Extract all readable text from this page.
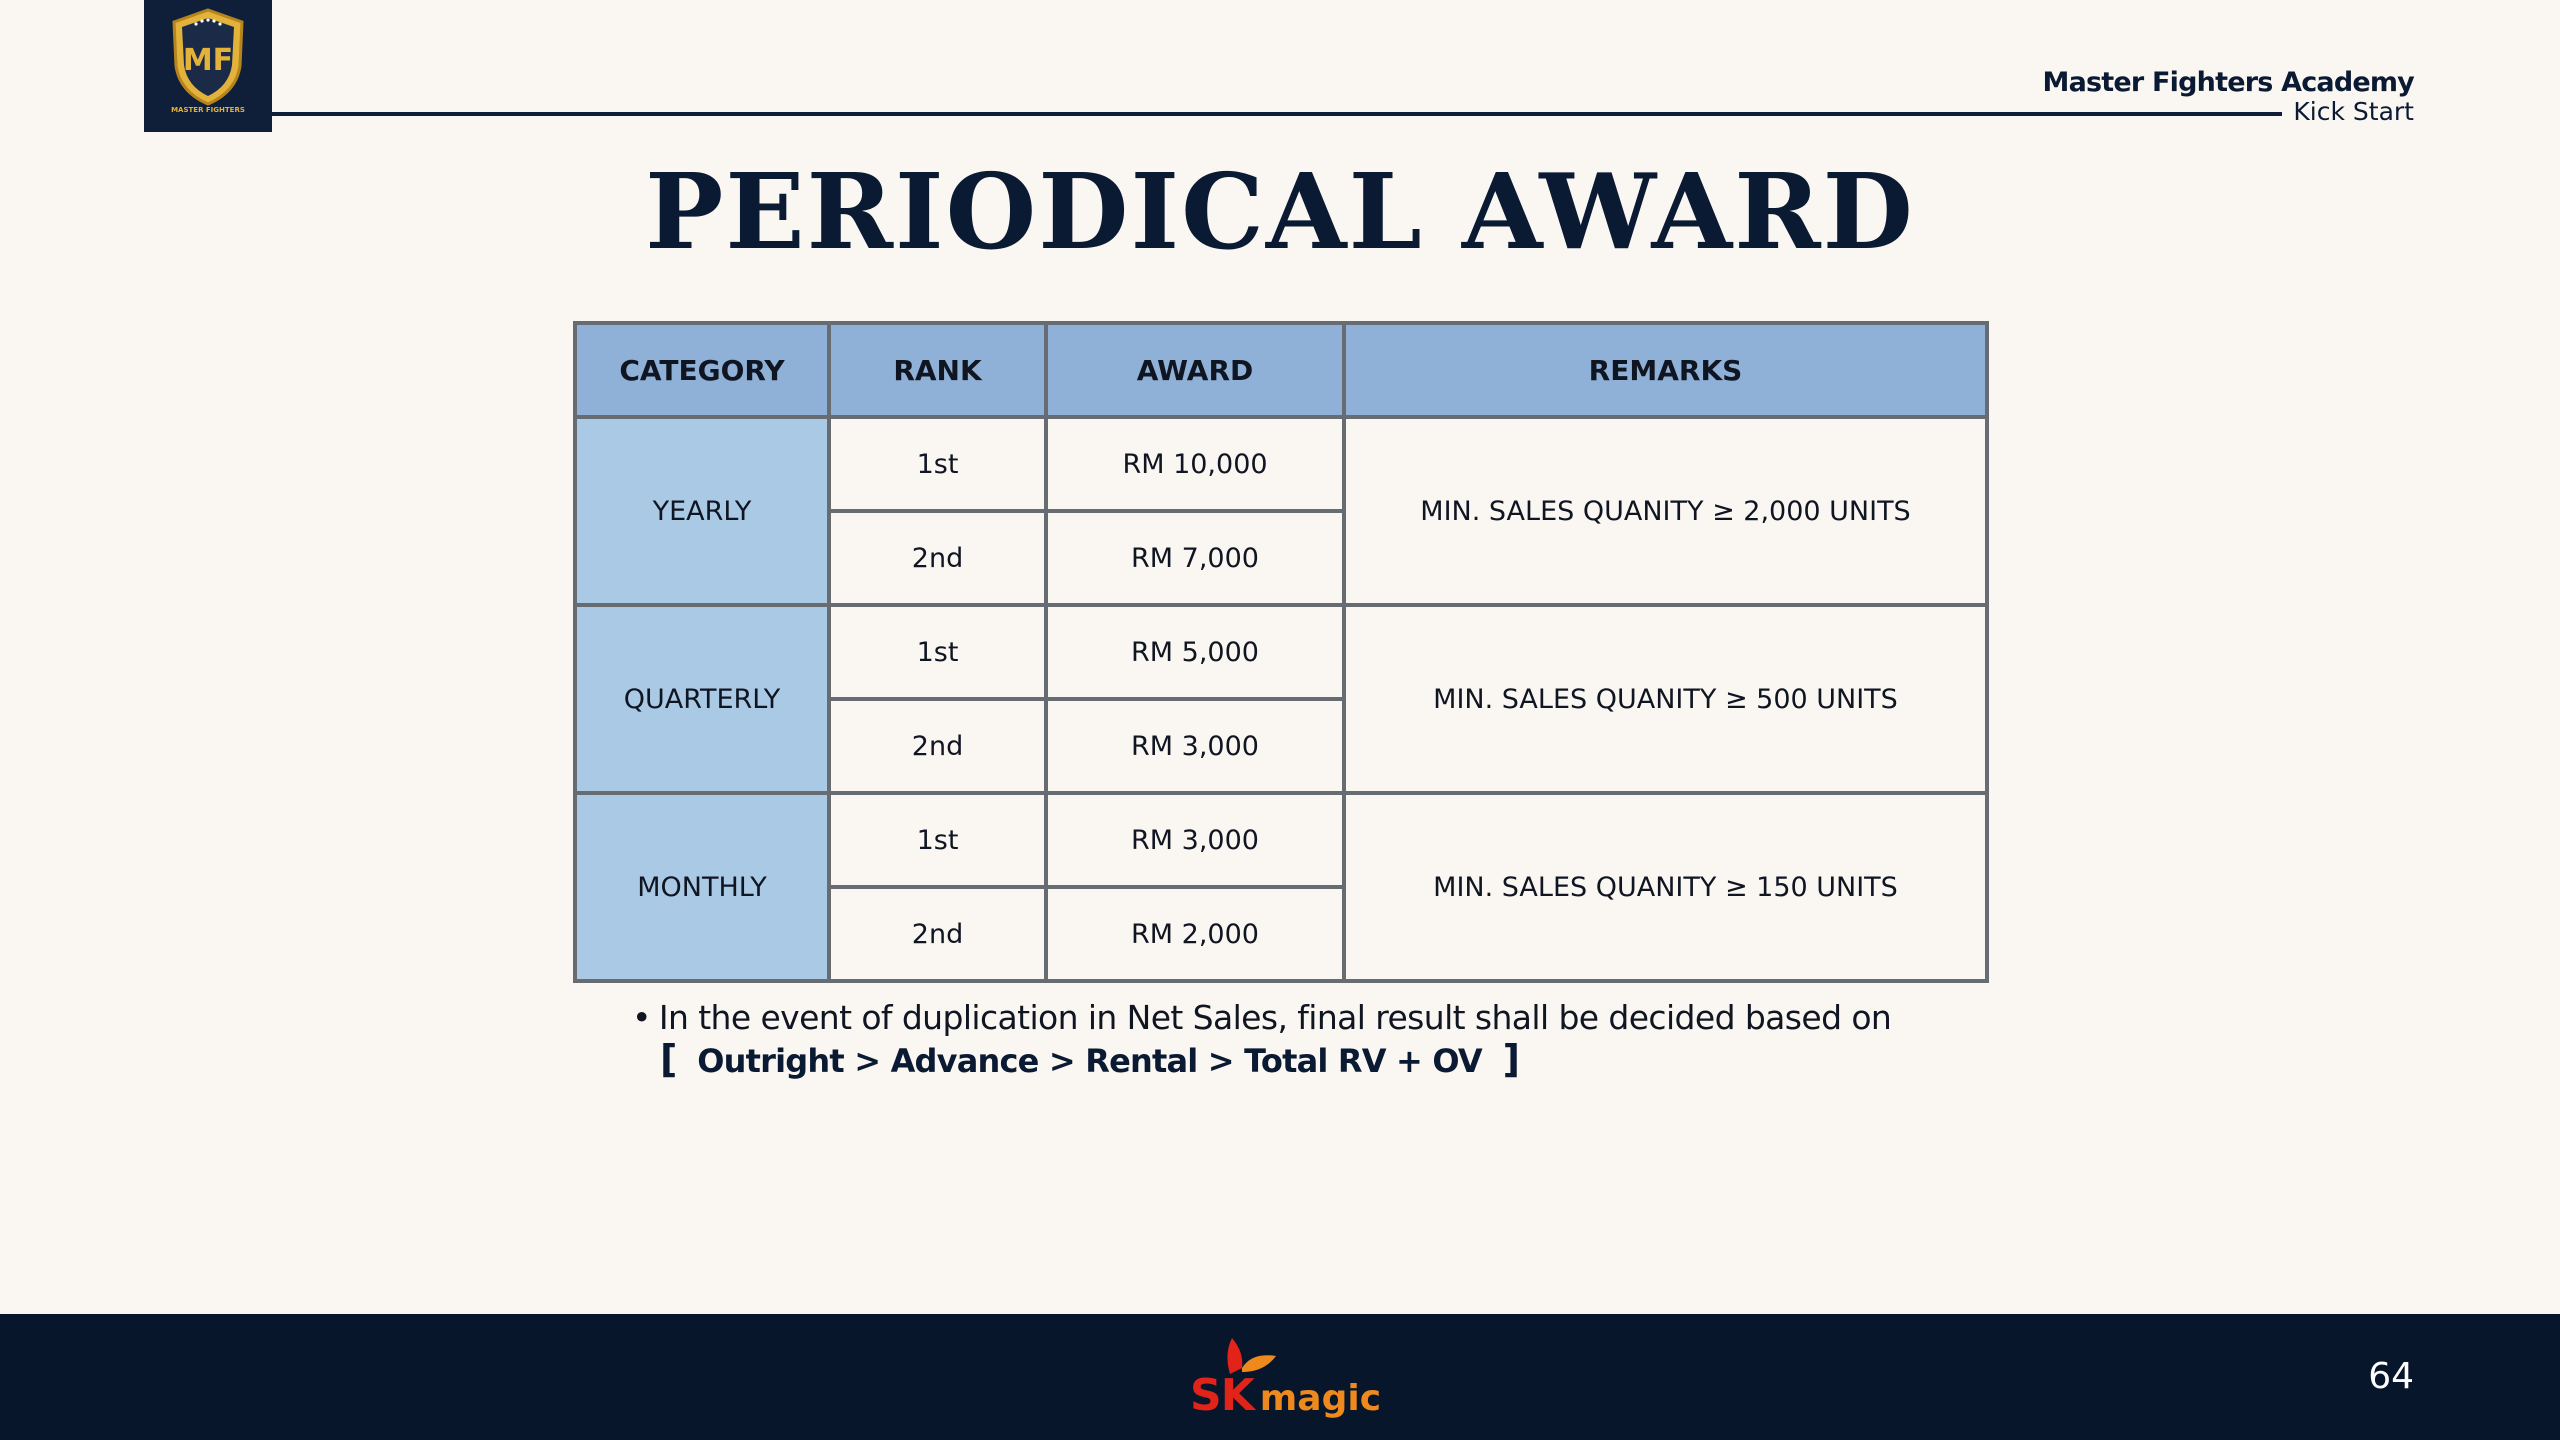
MF
MASTER FIGHTERS
Master Fighters Academy
Kick Start
PERIODICAL AWARD
CATEGORY	RANK	AWARD	REMARKS
YEARLY	1st	RM 10,000	MIN. SALES QUANITY ≥ 2,000 UNITS
	2nd	RM 7,000	
QUARTERLY	1st	RM 5,000	MIN. SALES QUANITY ≥ 500 UNITS
	2nd	RM 3,000	
MONTHLY	1st	RM 3,000	MIN. SALES QUANITY ≥ 150 UNITS
	2nd	RM 2,000	
• In the event of duplication in Net Sales, final result shall be decided based on
[ Outright > Advance > Rental > Total RV + OV ]
SK magic
64
